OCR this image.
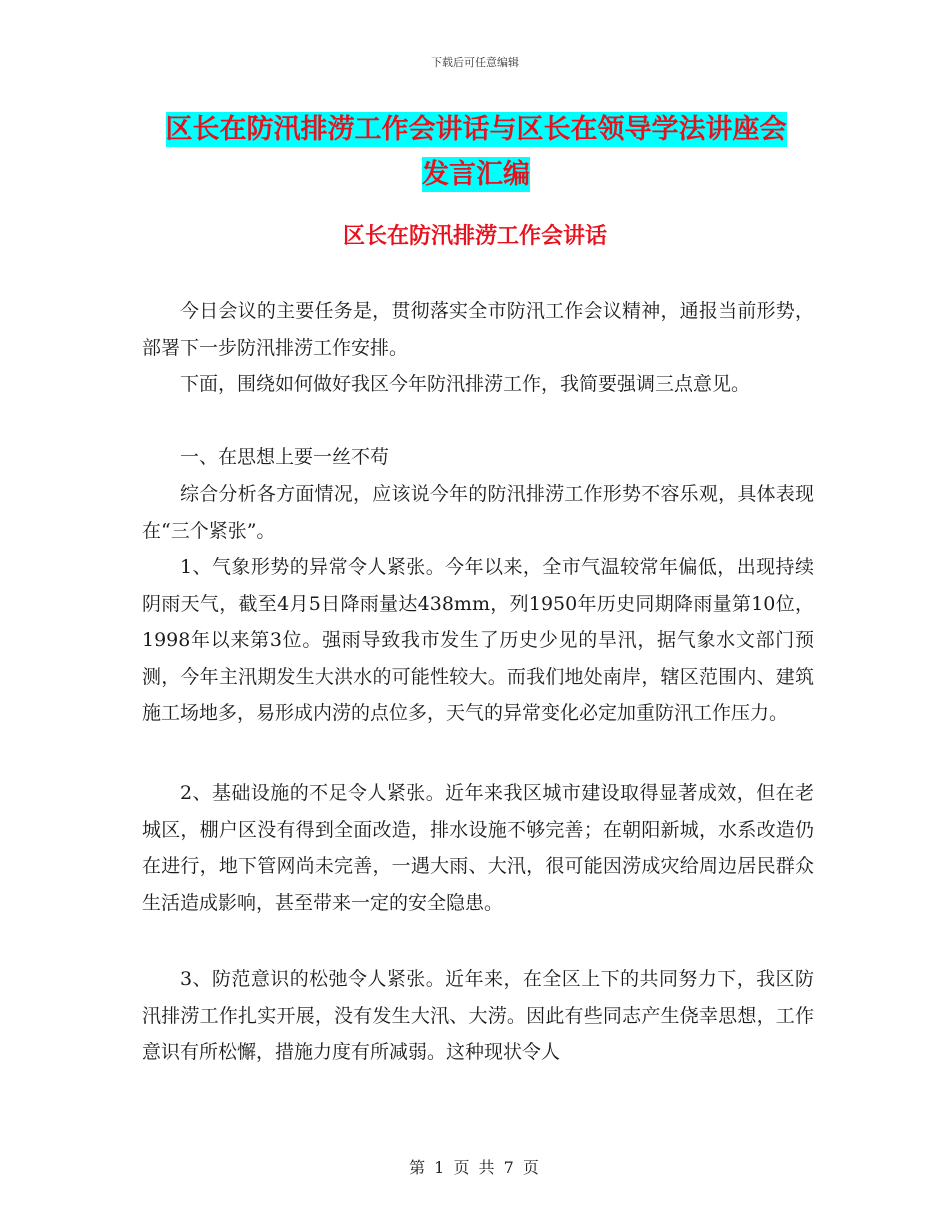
下载后可任意编辑
区长在防汛排涝工作会讲话与区长在领导学法讲座会
发言汇编
区长在防汛排涝工作会讲话
今日会议的主要任务是，贯彻落实全市防汛工作会议精神，通报当前形势，部署下一步防汛排涝工作安排。
下面，围绕如何做好我区今年防汛排涝工作，我简要强调三点意见。
一、在思想上要一丝不苟
综合分析各方面情况，应该说今年的防汛排涝工作形势不容乐观，具体表现在“三个紧张”。
1、气象形势的异常令人紧张。今年以来，全市气温较常年偏低，出现持续阴雨天气，截至4月5日降雨量达438mm，列1950年历史同期降雨量第10位，1998年以来第3位。强雨导致我市发生了历史少见的旱汛，据气象水文部门预测，今年主汛期发生大洪水的可能性较大。而我们地处南岸，辖区范围内、建筑施工场地多，易形成内涝的点位多，天气的异常变化必定加重防汛工作压力。
2、基础设施的不足令人紧张。近年来我区城市建设取得显著成效，但在老城区，棚户区没有得到全面改造，排水设施不够完善；在朝阳新城，水系改造仍在进行，地下管网尚未完善，一遇大雨、大汛，很可能因涝成灾给周边居民群众生活造成影响，甚至带来一定的安全隐患。
3、防范意识的松弛令人紧张。近年来，在全区上下的共同努力下，我区防汛排涝工作扎实开展，没有发生大汛、大涝。因此有些同志产生侥幸思想，工作意识有所松懈，措施力度有所减弱。这种现状令人
第 1 页 共 7 页
